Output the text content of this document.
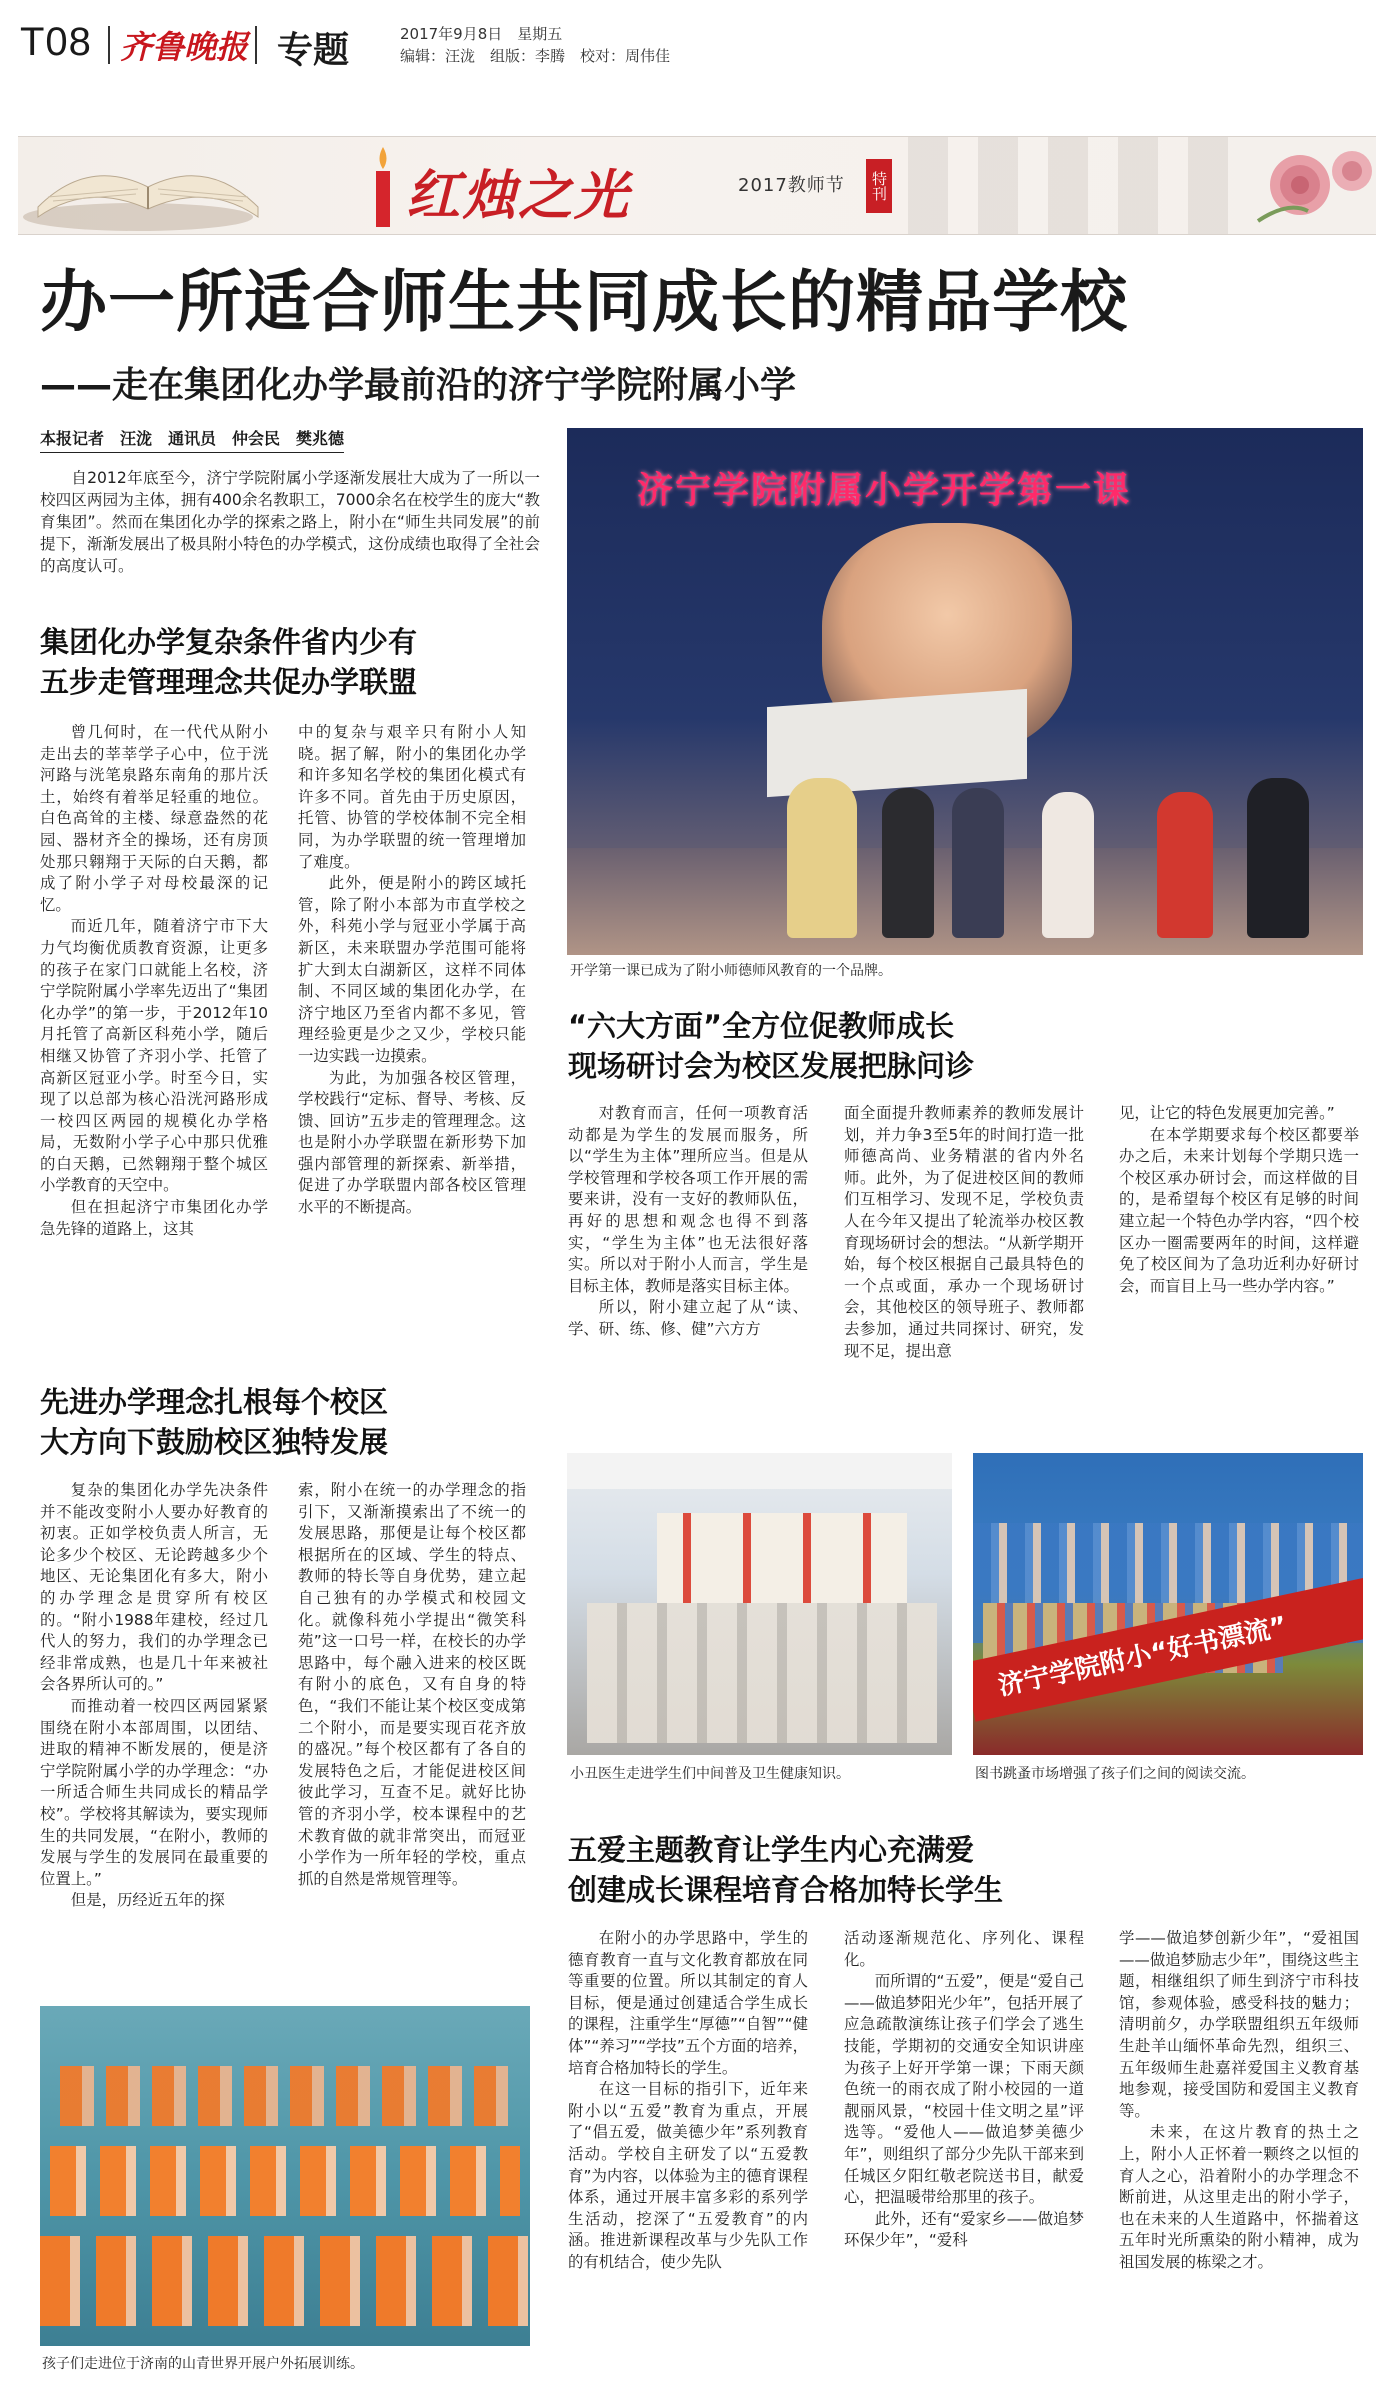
T08 齐鲁晚报 专题	2017年9月8日　星期五
编辑：汪泷　组版：李腾　校对：周伟佳
红烛之光	2017教师节 特刊
办一所适合师生共同成长的精品学校
——走在集团化办学最前沿的济宁学院附属小学
本报记者　汪泷　通讯员　仲会民　樊兆德

自2012年底至今，济宁学院附属小学逐渐发展壮大成为了一所以一校四区两园为主体，拥有400余名教职工，7000余名在校学生的庞大“教育集团”。然而在集团化办学的探索之路上，附小在“师生共同发展”的前提下，渐渐发展出了极具附小特色的办学模式，这份成绩也取得了全社会的高度认可。

集团化办学复杂条件省内少有
五步走管理理念共促办学联盟

曾几何时，在一代代从附小走出去的莘莘学子心中，位于洸河路与洸笔泉路东南角的那片沃土，始终有着举足轻重的地位。白色高耸的主楼、绿意盎然的花园、器材齐全的操场，还有房顶处那只翱翔于天际的白天鹅，都成了附小学子对母校最深的记忆。

而近几年，随着济宁市下大力气均衡优质教育资源，让更多的孩子在家门口就能上名校，济宁学院附属小学率先迈出了“集团化办学”的第一步，于2012年10月托管了高新区科苑小学，随后相继又协管了齐羽小学、托管了高新区冠亚小学。时至今日，实现了以总部为核心沿洸河路形成一校四区两园的规模化办学格局，无数附小学子心中那只优雅的白天鹅，已然翱翔于整个城区小学教育的天空中。

但在担起济宁市集团化办学急先锋的道路上，这其

中的复杂与艰辛只有附小人知晓。据了解，附小的集团化办学和许多知名学校的集团化模式有许多不同。首先由于历史原因，托管、协管的学校体制不完全相同，为办学联盟的统一管理增加了难度。

此外，便是附小的跨区域托管，除了附小本部为市直学校之外，科苑小学与冠亚小学属于高新区，未来联盟办学范围可能将扩大到太白湖新区，这样不同体制、不同区域的集团化办学，在济宁地区乃至省内都不多见，管理经验更是少之又少，学校只能一边实践一边摸索。

为此，为加强各校区管理，学校践行“定标、督导、考核、反馈、回访”五步走的管理理念。这也是附小办学联盟在新形势下加强内部管理的新探索、新举措，促进了办学联盟内部各校区管理水平的不断提高。

济宁学院附属小学开学第一课
开学第一课已成为了附小师德师风教育的一个品牌。
“六大方面”全方位促教师成长
现场研讨会为校区发展把脉问诊

对教育而言，任何一项教育活动都是为学生的发展而服务，所以“学生为主体”理所应当。但是从学校管理和学校各项工作开展的需要来讲，没有一支好的教师队伍，再好的思想和观念也得不到落实，“学生为主体”也无法很好落实。所以对于附小人而言，学生是目标主体，教师是落实目标主体。

所以，附小建立起了从“读、学、研、练、修、健”六方方

面全面提升教师素养的教师发展计划，并力争3至5年的时间打造一批师德高尚、业务精湛的省内外名师。此外，为了促进校区间的教师们互相学习、发现不足，学校负责人在今年又提出了轮流举办校区教育现场研讨会的想法。“从新学期开始，每个校区根据自己最具特色的一个点或面，承办一个现场研讨会，其他校区的领导班子、教师都去参加，通过共同探讨、研究，发现不足，提出意

见，让它的特色发展更加完善。”

在本学期要求每个校区都要举办之后，未来计划每个学期只选一个校区承办研讨会，而这样做的目的，是希望每个校区有足够的时间建立起一个特色办学内容，“四个校区办一圈需要两年的时间，这样避免了校区间为了急功近利办好研讨会，而盲目上马一些办学内容。”

先进办学理念扎根每个校区
大方向下鼓励校区独特发展

复杂的集团化办学先决条件并不能改变附小人要办好教育的初衷。正如学校负责人所言，无论多少个校区、无论跨越多少个地区、无论集团化有多大，附小的办学理念是贯穿所有校区的。“附小1988年建校，经过几代人的努力，我们的办学理念已经非常成熟，也是几十年来被社会各界所认可的。”

而推动着一校四区两园紧紧围绕在附小本部周围，以团结、进取的精神不断发展的，便是济宁学院附属小学的办学理念：“办一所适合师生共同成长的精品学校”。学校将其解读为，要实现师生的共同发展，“在附小，教师的发展与学生的发展同在最重要的位置上。”

但是，历经近五年的探

索，附小在统一的办学理念的指引下，又渐渐摸索出了不统一的发展思路，那便是让每个校区都根据所在的区域、学生的特点、教师的特长等自身优势，建立起自己独有的办学模式和校园文化。就像科苑小学提出“微笑科苑”这一口号一样，在校长的办学思路中，每个融入进来的校区既有附小的底色，又有自身的特色，“我们不能让某个校区变成第二个附小，而是要实现百花齐放的盛况。”每个校区都有了各自的发展特色之后，才能促进校区间彼此学习，互查不足。就好比协管的齐羽小学，校本课程中的艺术教育做的就非常突出，而冠亚小学作为一所年轻的学校，重点抓的自然是常规管理等。

小丑医生走进学生们中间普及卫生健康知识。
济宁学院附小“好书漂流”
图书跳蚤市场增强了孩子们之间的阅读交流。
五爱主题教育让学生内心充满爱
创建成长课程培育合格加特长学生

在附小的办学思路中，学生的德育教育一直与文化教育都放在同等重要的位置。所以其制定的育人目标，便是通过创建适合学生成长的课程，注重学生“厚德”“自智”“健体”“养习”“学技”五个方面的培养，培育合格加特长的学生。

在这一目标的指引下，近年来附小以“五爱”教育为重点，开展了“倡五爱，做美德少年”系列教育活动。学校自主研发了以“五爱教育”为内容，以体验为主的德育课程体系，通过开展丰富多彩的系列学生活动，挖深了“五爱教育”的内涵。推进新课程改革与少先队工作的有机结合，使少先队

活动逐渐规范化、序列化、课程化。

而所谓的“五爱”，便是“爱自己——做追梦阳光少年”，包括开展了应急疏散演练让孩子们学会了逃生技能，学期初的交通安全知识讲座为孩子上好开学第一课；下雨天颜色统一的雨衣成了附小校园的一道靓丽风景，“校园十佳文明之星”评选等。“爱他人——做追梦美德少年”，则组织了部分少先队干部来到任城区夕阳红敬老院送书目，献爱心，把温暖带给那里的孩子。

此外，还有“爱家乡——做追梦环保少年”，“爱科

学——做追梦创新少年”，“爱祖国——做追梦励志少年”，围绕这些主题，相继组织了师生到济宁市科技馆，参观体验，感受科技的魅力；清明前夕，办学联盟组织五年级师生赴羊山缅怀革命先烈，组织三、五年级师生赴嘉祥爱国主义教育基地参观，接受国防和爱国主义教育等。

未来，在这片教育的热土之上，附小人正怀着一颗终之以恒的育人之心，沿着附小的办学理念不断前进，从这里走出的附小学子，也在未来的人生道路中，怀揣着这五年时光所熏染的附小精神，成为祖国发展的栋梁之才。

孩子们走进位于济南的山青世界开展户外拓展训练。
